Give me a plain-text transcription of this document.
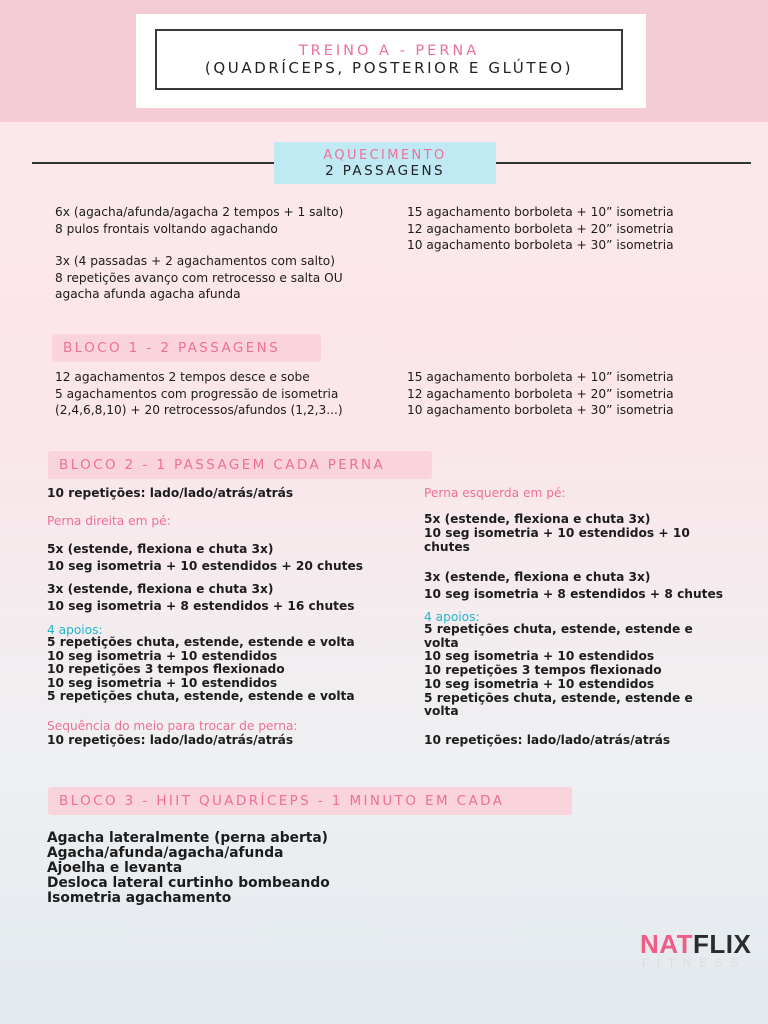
TREINO A - PERNA
(QUADRÍCEPS, POSTERIOR E GLÚTEO)
AQUECIMENTO
2 PASSAGENS
6x (agacha/afunda/agacha 2 tempos + 1 salto)
8 pulos frontais voltando agachando
3x (4 passadas + 2 agachamentos com salto)
8 repetições avanço com retrocesso e salta OU
agacha afunda agacha afunda
15 agachamento borboleta + 10” isometria
12 agachamento borboleta + 20” isometria
10 agachamento borboleta + 30” isometria
BLOCO 1 - 2 PASSAGENS
12 agachamentos 2 tempos desce e sobe
5 agachamentos com progressão de isometria
(2,4,6,8,10) + 20 retrocessos/afundos (1,2,3...)
15 agachamento borboleta + 10” isometria
12 agachamento borboleta + 20” isometria
10 agachamento borboleta + 30” isometria
BLOCO 2 - 1 PASSAGEM CADA PERNA
10 repetições: lado/lado/atrás/atrás
Perna direita em pé:
5x (estende, flexiona e chuta 3x)
10 seg isometria + 10 estendidos + 20 chutes
3x (estende, flexiona e chuta 3x)
10 seg isometria + 8 estendidos + 16 chutes
4 apoios:
5 repetições chuta, estende, estende e volta
10 seg isometria + 10 estendidos
10 repetições 3 tempos flexionado
10 seg isometria + 10 estendidos
5 repetições chuta, estende, estende e volta
Sequência do meio para trocar de perna:
10 repetições: lado/lado/atrás/atrás
Perna esquerda em pé:
5x (estende, flexiona e chuta 3x)
10 seg isometria + 10 estendidos + 10
chutes
3x (estende, flexiona e chuta 3x)
10 seg isometria + 8 estendidos + 8 chutes
4 apoios:
5 repetições chuta, estende, estende e
volta
10 seg isometria + 10 estendidos
10 repetições 3 tempos flexionado
10 seg isometria + 10 estendidos
5 repetições chuta, estende, estende e
volta
10 repetições: lado/lado/atrás/atrás
BLOCO 3 - HIIT QUADRÍCEPS - 1 MINUTO EM CADA
Agacha lateralmente (perna aberta)
Agacha/afunda/agacha/afunda
Ajoelha e levanta
Desloca lateral curtinho bombeando
Isometria agachamento
NATFLIX
FITNESS
